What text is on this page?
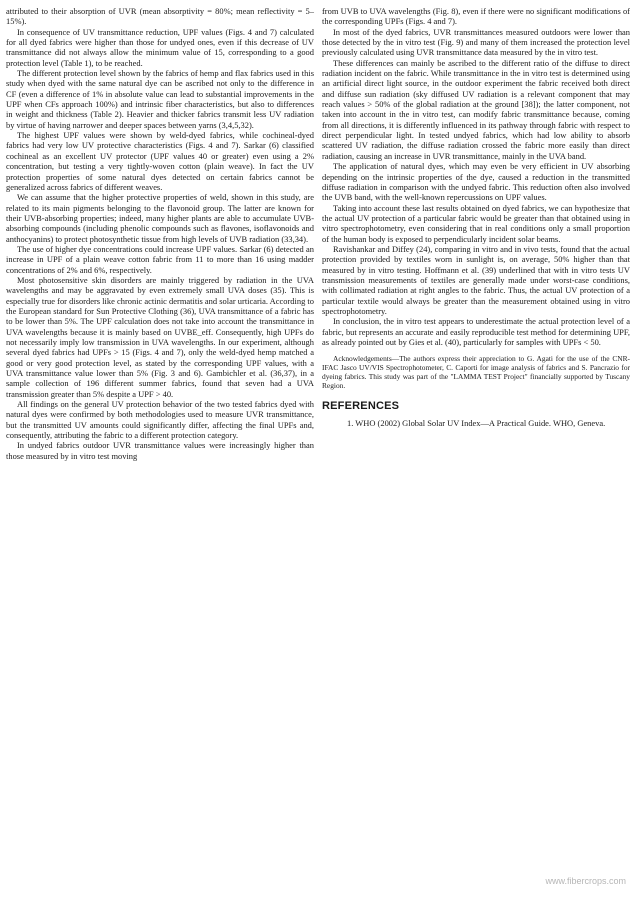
attributed to their absorption of UVR (mean absorptivity = 80%; mean reflectivity = 5–15%).

In consequence of UV transmittance reduction, UPF values (Figs. 4 and 7) calculated for all dyed fabrics were higher than those for undyed ones, even if this decrease of UV transmittance did not always allow the minimum value of 15, corresponding to a good protection level (Table 1), to be reached.

The different protection level shown by the fabrics of hemp and flax fabrics used in this study when dyed with the same natural dye can be ascribed not only to the difference in CF (even a difference of 1% in absolute value can lead to substantial improvements in the UPF when CFs approach 100%) and intrinsic fiber characteristics, but also to differences in weight and thickness (Table 2). Heavier and thicker fabrics transmit less UV radiation by virtue of having narrower and deeper spaces between yarns (3,4,5,32).

The highest UPF values were shown by weld-dyed fabrics, while cochineal-dyed fabrics had very low UV protective characteristics (Figs. 4 and 7). Sarkar (6) classified cochineal as an excellent UV protector (UPF values 40 or greater) even using a 2% concentration, but testing a very tightly-woven cotton (plain weave). In fact the UV protection properties of some natural dyes detected on certain fabrics cannot be generalized across fabrics of different weaves.

We can assume that the higher protective properties of weld, shown in this study, are related to its main pigments belonging to the flavonoid group. The latter are known for their UVB-absorbing properties; indeed, many higher plants are able to accumulate UVB-absorbing compounds (including phenolic compounds such as flavones, isoflavonoids and anthocyanins) to protect photosynthetic tissue from high levels of UVB radiation (33,34).

The use of higher dye concentrations could increase UPF values. Sarkar (6) detected an increase in UPF of a plain weave cotton fabric from 11 to more than 16 using madder concentrations of 2% and 6%, respectively.

Most photosensitive skin disorders are mainly triggered by radiation in the UVA wavelengths and may be aggravated by even extremely small UVA doses (35). This is especially true for disorders like chronic actinic dermatitis and solar urticaria. According to the European standard for Sun Protective Clothing (36), UVA transmittance of a fabric has to be lower than 5%. The UPF calculation does not take into account the transmittance in UVA wavelengths because it is mainly based on UVBE_eff. Consequently, high UPFs do not necessarily imply low transmission in UVA wavelengths. In our experiment, although several dyed fabrics had UPFs > 15 (Figs. 4 and 7), only the weld-dyed hemp matched a good or very good protection level, as stated by the corresponding UPF values, with a UVA transmittance value lower than 5% (Fig. 3 and 6). Gambichler et al. (36,37), in a sample collection of 196 different summer fabrics, found that seven had a UVA transmission greater than 5% despite a UPF > 40.

All findings on the general UV protection behavior of the two tested fabrics dyed with natural dyes were confirmed by both methodologies used to measure UVR transmittance, but the transmitted UV amounts could significantly differ, affecting the final UPFs and, consequently, attributing the fabric to a different protection category.

In undyed fabrics outdoor UVR transmittance values were increasingly higher than those measured by in vitro test moving

from UVB to UVA wavelengths (Fig. 8), even if there were no significant modifications of the corresponding UPFs (Figs. 4 and 7).

In most of the dyed fabrics, UVR transmittances measured outdoors were lower than those detected by the in vitro test (Fig. 9) and many of them increased the protection level previously calculated using UVR transmittance data measured by the in vitro test.

These differences can mainly be ascribed to the different ratio of the diffuse to direct radiation incident on the fabric. While transmittance in the in vitro test is determined using an artificial direct light source, in the outdoor experiment the fabric received both direct and diffuse sun radiation (sky diffused UV radiation is a relevant component that may reach values > 50% of the global radiation at the ground [38]); the latter component, not taken into account in the in vitro test, can modify fabric transmittance because, coming from all directions, it is differently influenced in its pathway through fabric with respect to direct perpendicular light. In tested undyed fabrics, which had low ability to absorb scattered UV radiation, the diffuse radiation crossed the fabric more easily than direct radiation, causing an increase in UVR transmittance, mainly in the UVA band.

The application of natural dyes, which may even be very efficient in UV absorbing depending on the intrinsic properties of the dye, caused a reduction in the transmitted diffuse radiation in comparison with the undyed fabric. This reduction often also involved the UVB band, with the well-known repercussions on UPF values.

Taking into account these last results obtained on dyed fabrics, we can hypothesize that the actual UV protection of a particular fabric would be greater than that obtained using in vitro spectrophotometry, even considering that in real conditions only a small proportion of the human body is exposed to perpendicularly incident solar beams.

Ravishankar and Diffey (24), comparing in vitro and in vivo tests, found that the actual protection provided by textiles worn in sunlight is, on average, 50% higher than that measured by in vitro testing. Hoffmann et al. (39) underlined that with in vitro tests UV transmission measurements of textiles are generally made under worst-case conditions, with collimated radiation at right angles to the fabric. Thus, the actual UV protection of a particular textile would always be greater than the measurement obtained using in vitro spectrophotometry.

In conclusion, the in vitro test appears to underestimate the actual protection level of a fabric, but represents an accurate and easily reproducible test method for determining UPF, as already pointed out by Gies et al. (40), particularly for samples with UPFs < 50.

Acknowledgements—The authors express their appreciation to G. Agati for the use of the CNR-IFAC Jasco UV/VIS Spectrophotometer, C. Caporti for image analysis of fabrics and S. Pancrazio for dyeing fabrics. This study was part of the "LAMMA TEST Project" financially supported by Tuscany Region.

REFERENCES

1. WHO (2002) Global Solar UV Index—A Practical Guide. WHO, Geneva.

www.fibercrops.com
